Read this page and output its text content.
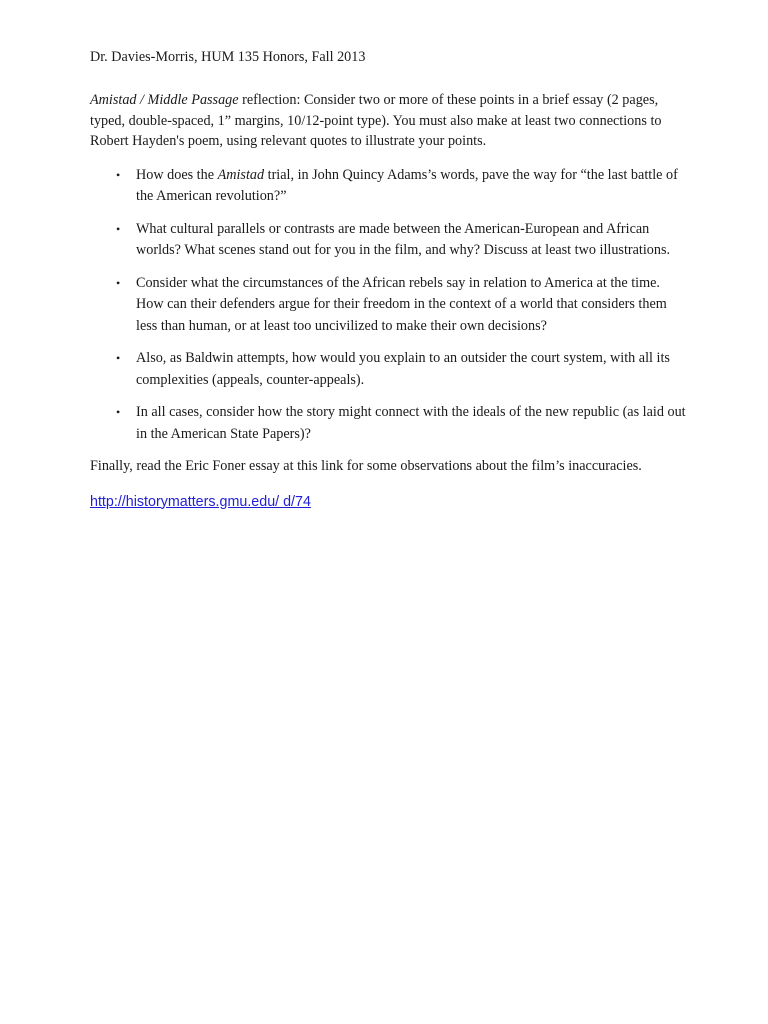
Dr. Davies-Morris, HUM 135 Honors, Fall 2013

Amistad / Middle Passage reflection: Consider two or more of these points in a brief essay (2 pages, typed, double-spaced, 1” margins, 10/12-point type). You must also make at least two connections to Robert Hayden's poem, using relevant quotes to illustrate your points.

• How does the Amistad trial, in John Quincy Adams’s words, pave the way for “the last battle of the American revolution?”
• What cultural parallels or contrasts are made between the American-European and African worlds? What scenes stand out for you in the film, and why? Discuss at least two illustrations.
• Consider what the circumstances of the African rebels say in relation to America at the time. How can their defenders argue for their freedom in the context of a world that considers them less than human, or at least too uncivilized to make their own decisions?
• Also, as Baldwin attempts, how would you explain to an outsider the court system, with all its complexities (appeals, counter-appeals).
• In all cases, consider how the story might connect with the ideals of the new republic (as laid out in the American State Papers)?

Finally, read the Eric Foner essay at this link for some observations about the film’s inaccuracies.

http://historymatters.gmu.edu/ d/74
